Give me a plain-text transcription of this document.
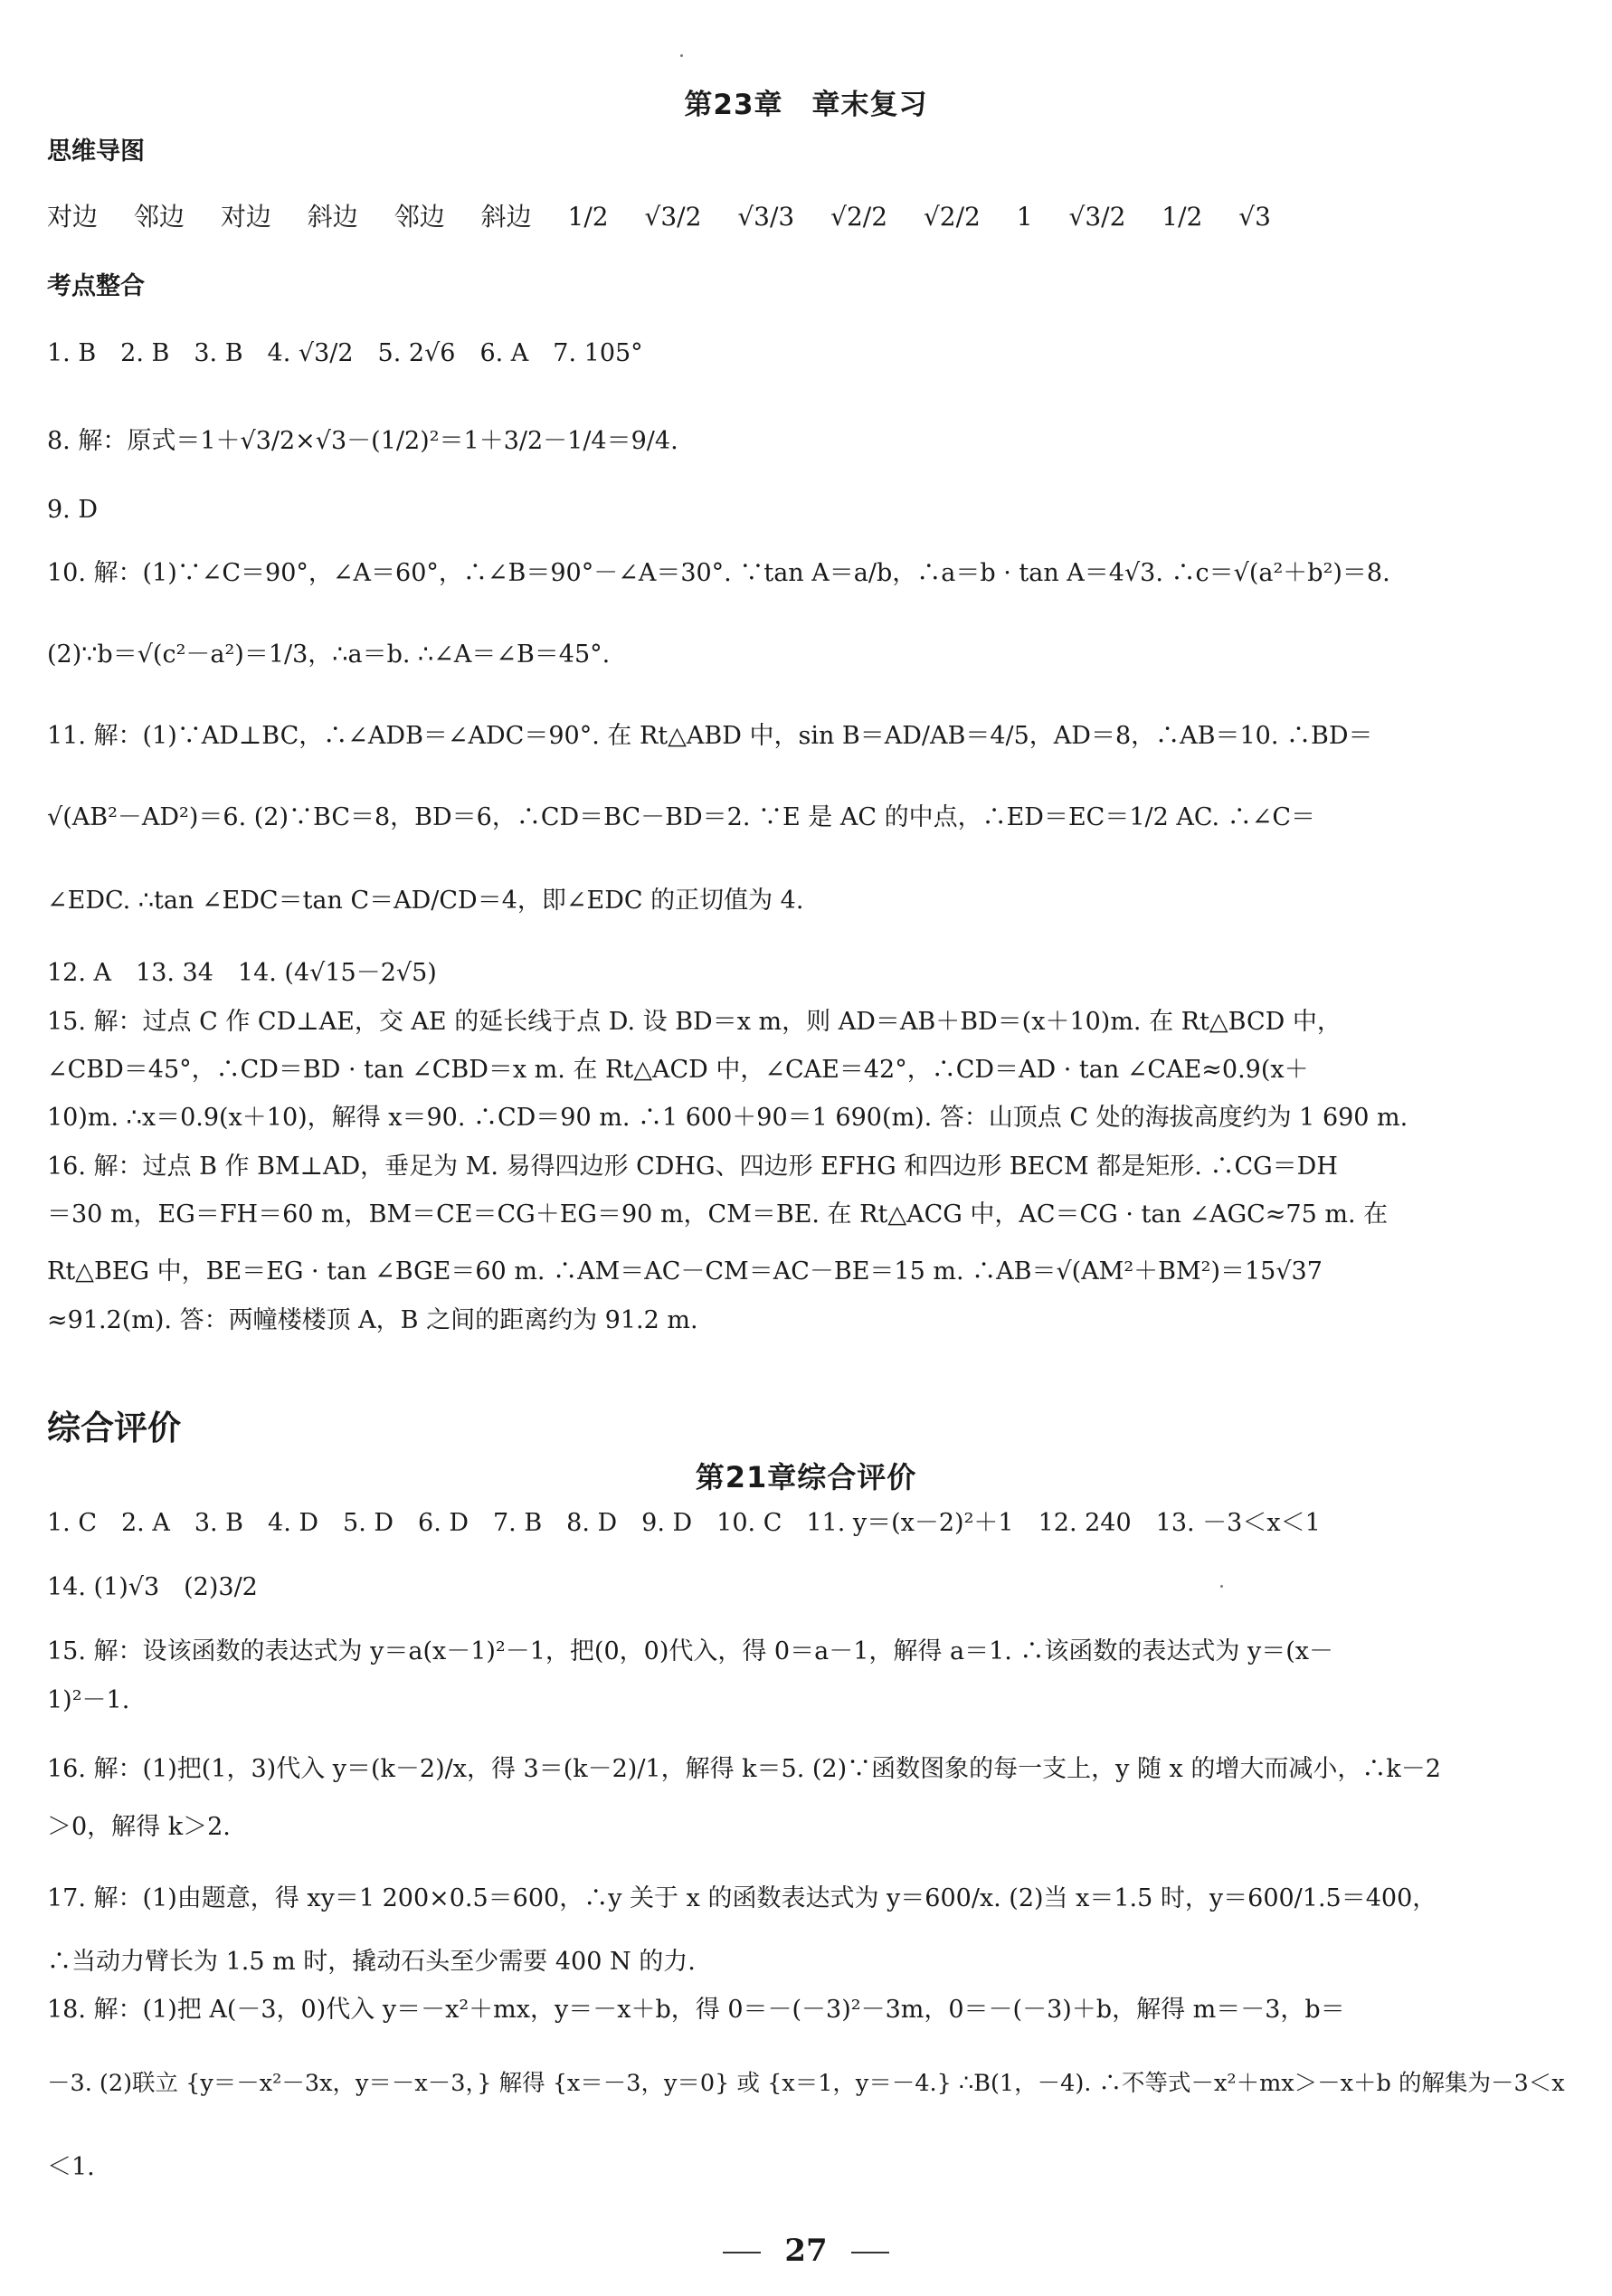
第23章　章末复习
思维导图
对边 邻边 对边 斜边 邻边 斜边 1/2 √3/2 √3/3 √2/2 √2/2 1 √3/2 1/2 √3
考点整合
1. B　2. B　3. B　4. √3/2　5. 2√6　6. A　7. 105°
8. 解：原式＝1＋√3/2×√3－(1/2)²＝1＋3/2－1/4＝9/4.
9. D
10. 解：(1)∵∠C＝90°，∠A＝60°，∴∠B＝90°－∠A＝30°. ∵tan A＝a/b，∴a＝b · tan A＝4√3. ∴c＝√(a²＋b²)＝8.
(2)∵b＝√(c²－a²)＝1/3，∴a＝b. ∴∠A＝∠B＝45°.
11. 解：(1)∵AD⊥BC，∴∠ADB＝∠ADC＝90°. 在 Rt△ABD 中，sin B＝AD/AB＝4/5，AD＝8，∴AB＝10. ∴BD＝
√(AB²－AD²)＝6. (2)∵BC＝8，BD＝6，∴CD＝BC－BD＝2. ∵E 是 AC 的中点，∴ED＝EC＝1/2 AC. ∴∠C＝
∠EDC. ∴tan ∠EDC＝tan C＝AD/CD＝4，即∠EDC 的正切值为 4.
12. A　13. 34　14. (4√15－2√5)
15. 解：过点 C 作 CD⊥AE，交 AE 的延长线于点 D. 设 BD＝x m，则 AD＝AB＋BD＝(x＋10)m. 在 Rt△BCD 中，
∠CBD＝45°，∴CD＝BD · tan ∠CBD＝x m. 在 Rt△ACD 中，∠CAE＝42°，∴CD＝AD · tan ∠CAE≈0.9(x＋
10)m. ∴x＝0.9(x＋10)，解得 x＝90. ∴CD＝90 m. ∴1 600＋90＝1 690(m). 答：山顶点 C 处的海拔高度约为 1 690 m.
16. 解：过点 B 作 BM⊥AD，垂足为 M. 易得四边形 CDHG、四边形 EFHG 和四边形 BECM 都是矩形. ∴CG＝DH
＝30 m，EG＝FH＝60 m，BM＝CE＝CG＋EG＝90 m，CM＝BE. 在 Rt△ACG 中，AC＝CG · tan ∠AGC≈75 m. 在
Rt△BEG 中，BE＝EG · tan ∠BGE＝60 m. ∴AM＝AC－CM＝AC－BE＝15 m. ∴AB＝√(AM²＋BM²)＝15√37
≈91.2(m). 答：两幢楼楼顶 A，B 之间的距离约为 91.2 m.
综合评价
第21章综合评价
1. C　2. A　3. B　4. D　5. D　6. D　7. B　8. D　9. D　10. C　11. y＝(x－2)²＋1　12. 240　13. －3＜x＜1
14. (1)√3　(2)3/2
15. 解：设该函数的表达式为 y＝a(x－1)²－1，把(0，0)代入，得 0＝a－1，解得 a＝1. ∴该函数的表达式为 y＝(x－
1)²－1.
16. 解：(1)把(1，3)代入 y＝(k－2)/x，得 3＝(k－2)/1，解得 k＝5. (2)∵函数图象的每一支上，y 随 x 的增大而减小，∴k－2
＞0，解得 k＞2.
17. 解：(1)由题意，得 xy＝1 200×0.5＝600，∴y 关于 x 的函数表达式为 y＝600/x. (2)当 x＝1.5 时，y＝600/1.5＝400，
∴当动力臂长为 1.5 m 时，撬动石头至少需要 400 N 的力.
18. 解：(1)把 A(－3，0)代入 y＝－x²＋mx，y＝－x＋b，得 0＝－(－3)²－3m，0＝－(－3)＋b，解得 m＝－3，b＝
－3. (2)联立 {y＝－x²－3x，y＝－x－3，} 解得 {x＝－3，y＝0} 或 {x＝1，y＝－4.} ∴B(1，－4). ∴不等式－x²＋mx＞－x＋b 的解集为－3＜x
＜1.
27
